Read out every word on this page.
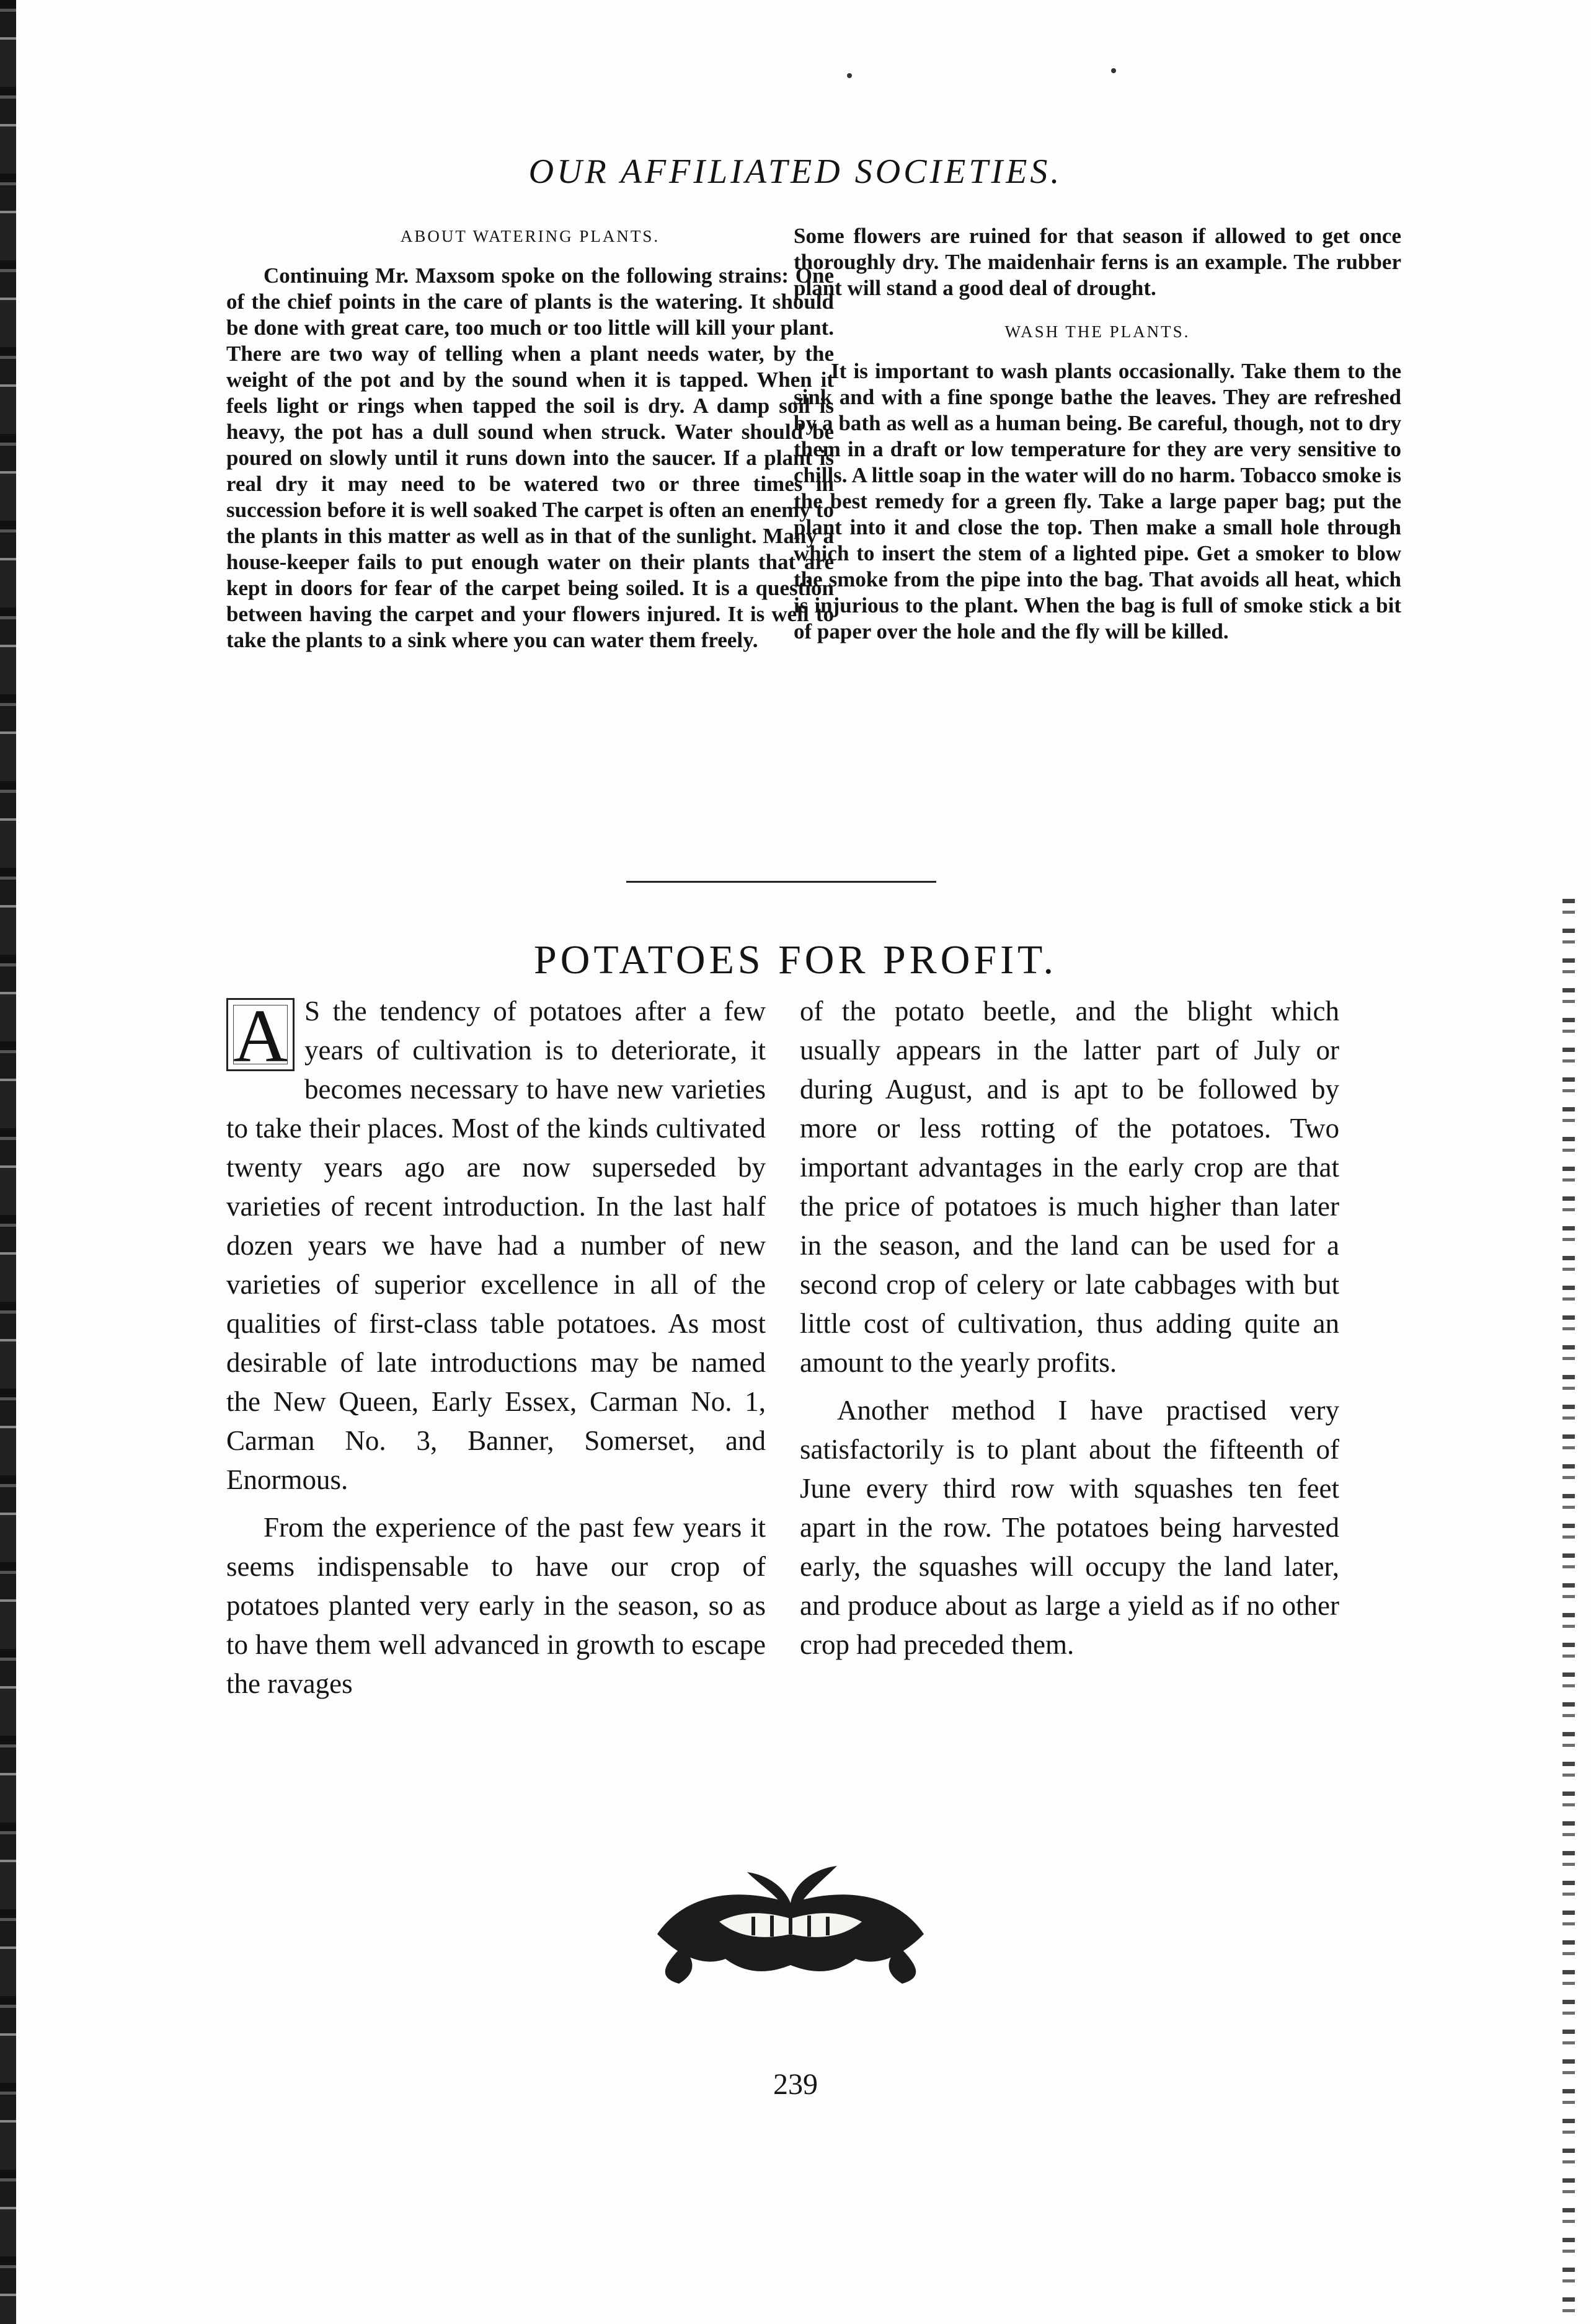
OUR AFFILIATED SOCIETIES.
ABOUT WATERING PLANTS.

Continuing Mr. Maxsom spoke on the following strains: One of the chief points in the care of plants is the watering. It should be done with great care, too much or too little will kill your plant. There are two way of telling when a plant needs water, by the weight of the pot and by the sound when it is tapped. When it feels light or rings when tapped the soil is dry. A damp soil is heavy, the pot has a dull sound when struck. Water should be poured on slowly until it runs down into the saucer. If a plant is real dry it may need to be watered two or three times in succession before it is well soaked The carpet is often an enemy to the plants in this matter as well as in that of the sunlight. Many a house-keeper fails to put enough water on their plants that are kept in doors for fear of the carpet being soiled. It is a question between having the carpet and your flowers injured. It is well to take the plants to a sink where you can water them freely.

Some flowers are ruined for that season if allowed to get once thoroughly dry. The maidenhair ferns is an example. The rubber plant will stand a good deal of drought.

WASH THE PLANTS.

It is important to wash plants occasionally. Take them to the sink and with a fine sponge bathe the leaves. They are refreshed by a bath as well as a human being. Be careful, though, not to dry them in a draft or low temperature for they are very sensitive to chills. A little soap in the water will do no harm. Tobacco smoke is the best remedy for a green fly. Take a large paper bag; put the plant into it and close the top. Then make a small hole through which to insert the stem of a lighted pipe. Get a smoker to blow the smoke from the pipe into the bag. That avoids all heat, which is injurious to the plant. When the bag is full of smoke stick a bit of paper over the hole and the fly will be killed.

POTATOES FOR PROFIT.

A S the tendency of potatoes after a few years of cultivation is to deteriorate, it becomes necessary to have new varieties to take their places. Most of the kinds cultivated twenty years ago are now superseded by varieties of recent introduction. In the last half dozen years we have had a number of new varieties of superior excellence in all of the qualities of first-class table potatoes. As most desirable of late introductions may be named the New Queen, Early Essex, Carman No. 1, Carman No. 3, Banner, Somerset, and Enormous.

From the experience of the past few years it seems indispensable to have our crop of potatoes planted very early in the season, so as to have them well advanced in growth to escape the ravages

of the potato beetle, and the blight which usually appears in the latter part of July or during August, and is apt to be followed by more or less rotting of the potatoes. Two important advantages in the early crop are that the price of potatoes is much higher than later in the season, and the land can be used for a second crop of celery or late cabbages with but little cost of cultivation, thus adding quite an amount to the yearly profits.

Another method I have practised very satisfactorily is to plant about the fifteenth of June every third row with squashes ten feet apart in the row. The potatoes being harvested early, the squashes will occupy the land later, and produce about as large a yield as if no other crop had preceded them.

239
